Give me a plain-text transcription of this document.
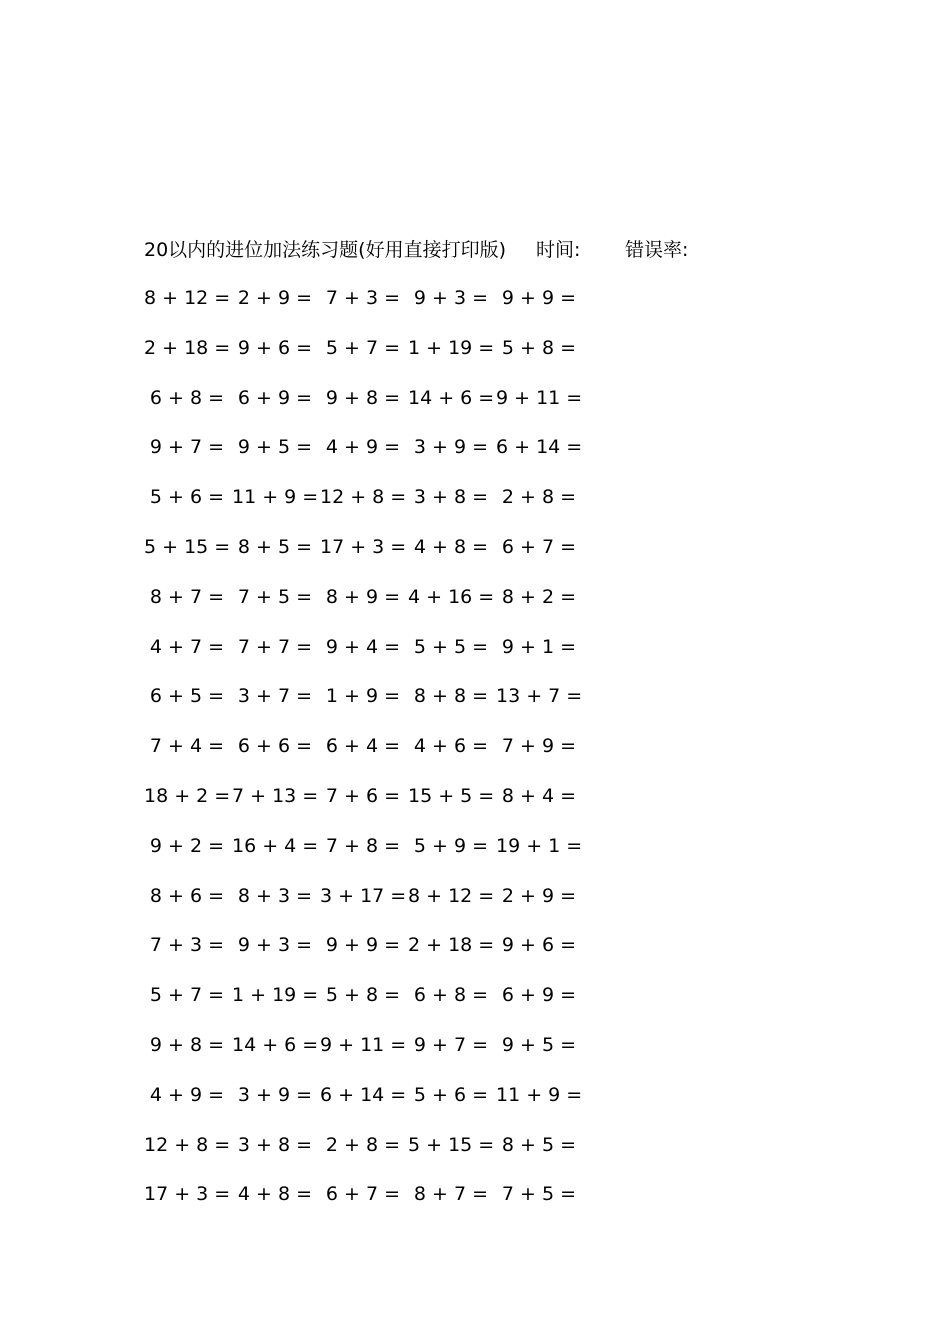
20以内的进位加法练习题(好用直接打印版) 时间: 错误率:
8 + 12 = 2 + 9 = 7 + 3 = 9 + 3 = 9 + 9 =
2 + 18 = 9 + 6 = 5 + 7 = 1 + 19 = 5 + 8 =
6 + 8 = 6 + 9 = 9 + 8 = 14 + 6 = 9 + 11 =
9 + 7 = 9 + 5 = 4 + 9 = 3 + 9 = 6 + 14 =
5 + 6 = 11 + 9 = 12 + 8 = 3 + 8 = 2 + 8 =
5 + 15 = 8 + 5 = 17 + 3 = 4 + 8 = 6 + 7 =
8 + 7 = 7 + 5 = 8 + 9 = 4 + 16 = 8 + 2 =
4 + 7 = 7 + 7 = 9 + 4 = 5 + 5 = 9 + 1 =
6 + 5 = 3 + 7 = 1 + 9 = 8 + 8 = 13 + 7 =
7 + 4 = 6 + 6 = 6 + 4 = 4 + 6 = 7 + 9 =
18 + 2 = 7 + 13 = 7 + 6 = 15 + 5 = 8 + 4 =
9 + 2 = 16 + 4 = 7 + 8 = 5 + 9 = 19 + 1 =
8 + 6 = 8 + 3 = 3 + 17 = 8 + 12 = 2 + 9 =
7 + 3 = 9 + 3 = 9 + 9 = 2 + 18 = 9 + 6 =
5 + 7 = 1 + 19 = 5 + 8 = 6 + 8 = 6 + 9 =
9 + 8 = 14 + 6 = 9 + 11 = 9 + 7 = 9 + 5 =
4 + 9 = 3 + 9 = 6 + 14 = 5 + 6 = 11 + 9 =
12 + 8 = 3 + 8 = 2 + 8 = 5 + 15 = 8 + 5 =
17 + 3 = 4 + 8 = 6 + 7 = 8 + 7 = 7 + 5 =
